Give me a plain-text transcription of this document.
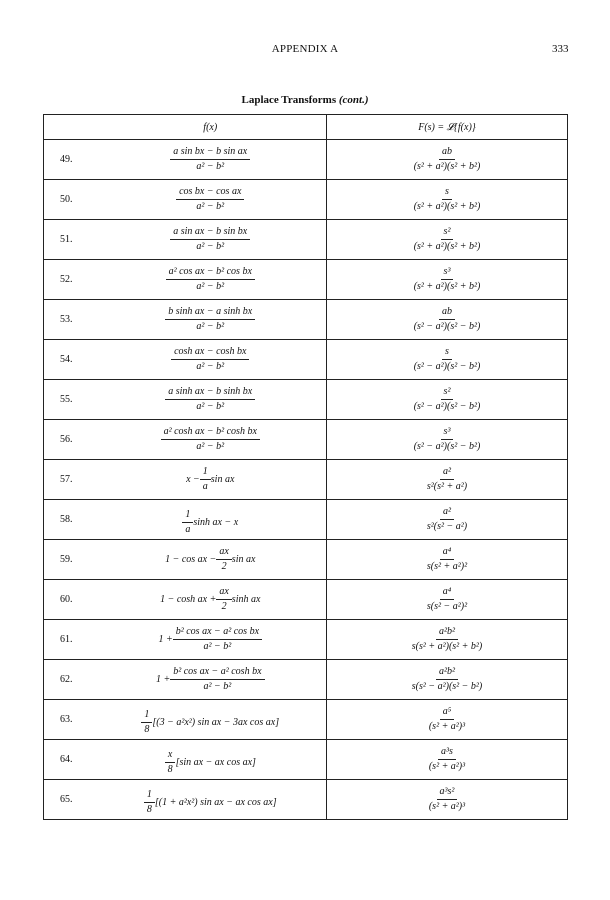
APPENDIX A	333
Laplace Transforms (cont.)
	f(x)	F(s) = 𝓛{f(x)}
49.	$\frac{\text{a sin bx − b sin ax}}{\text{a² − b²}}$	$\frac{ab}{\text{(s² + a²)(s² + b²)}}$

50.	$\frac{\text{cos bx − cos ax}}{\text{a² − b²}}$	$\frac{s}{\text{(s² + a²)(s² + b²)}}$

51.	$\frac{\text{a sin ax − b sin bx}}{\text{a² − b²}}$	$\frac{\text{s²}}{\text{(s² + a²)(s² + b²)}}$

52.	$\frac{\text{a² cos ax − b² cos bx}}{\text{a² − b²}}$	$\frac{\text{s³}}{\text{(s² + a²)(s² + b²)}}$

53.	$\frac{\text{b sinh ax − a sinh bx}}{\text{a² − b²}}$	$\frac{ab}{\text{(s² − a²)(s² − b²)}}$

54.	$\frac{\text{cosh ax − cosh bx}}{\text{a² − b²}}$	$\frac{s}{\text{(s² − a²)(s² − b²)}}$

55.	$\frac{\text{a sinh ax − b sinh bx}}{\text{a² − b²}}$	$\frac{\text{s²}}{\text{(s² − a²)(s² − b²)}}$

56.	$\frac{\text{a² cosh ax − b² cosh bx}}{\text{a² − b²}}$	$\frac{\text{s³}}{\text{(s² − a²)(s² − b²)}}$

57.	$x - \frac{1}{a}$ sin ax	$\frac{\text{a²}}{\text{s²(s² + a²)}}$

58.	$\frac{1}{a}$ sinh ax − x	$\frac{\text{a²}}{\text{s²(s² − a²)}}$

59.	1 − cos ax − $\frac{ax}{2}$ sin ax	$\frac{\text{a⁴}}{\text{s(s² + a²)²}}$

60.	1 − cosh ax + $\frac{ax}{2}$ sinh ax	$\frac{\text{a⁴}}{\text{s(s² − a²)²}}$

61.	$1 + \frac{\text{b² cos ax − a² cos bx}}{\text{a² − b²}}$	$\frac{\text{a²b²}}{\text{s(s² + a²)(s² + b²)}}$

62.	$1 + \frac{\text{b² cos ax − a² cosh bx}}{\text{a² − b²}}$	$\frac{\text{a²b²}}{\text{s(s² − a²)(s² − b²)}}$

63.	$\frac{1}{8} [(3 - a^2x^2)$ sin ax − 3ax cos ax]	$\frac{\text{a⁵}}{\text{(s² + a²)³}}$

64.	$\frac{x}{8} [\sin$ ax − ax cos ax]	$\frac{\text{a³s}}{\text{(s² + a²)³}}$

65.	$\frac{1}{8} [(1 + a^2x^2)$ sin ax − ax cos ax]	$\frac{\text{a³s²}}{\text{(s² + a²)³}}$
